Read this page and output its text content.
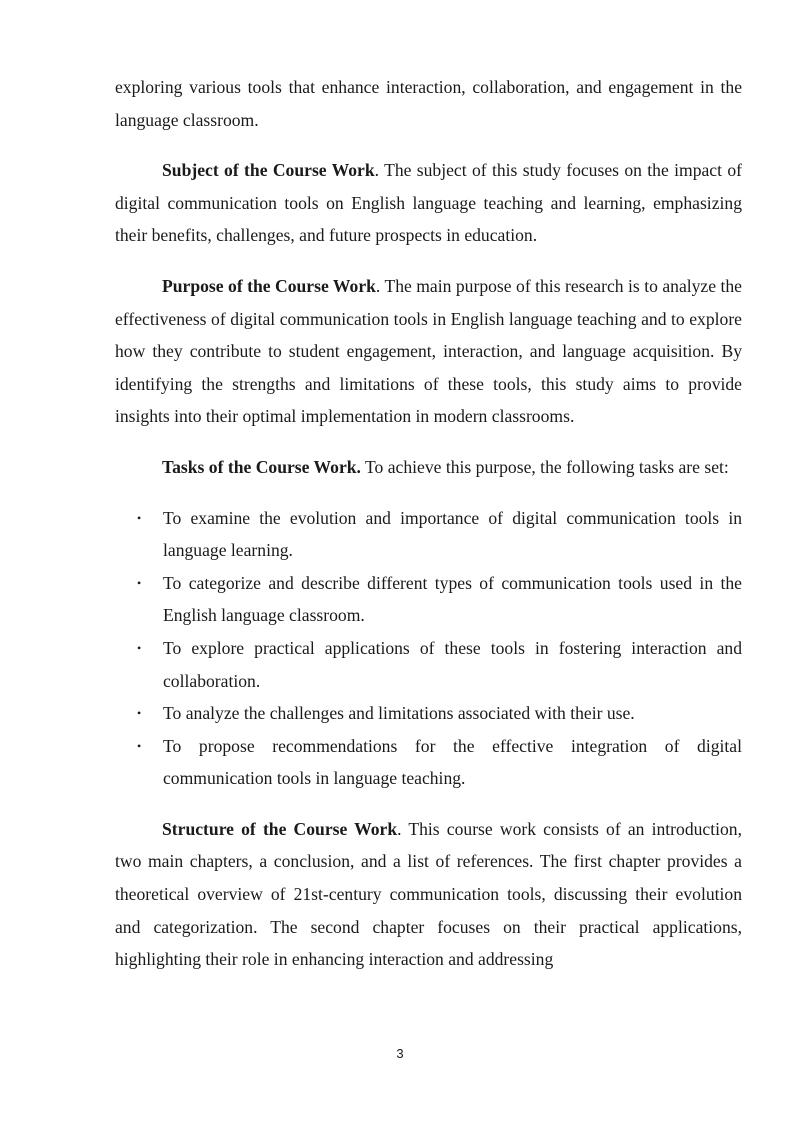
exploring various tools that enhance interaction, collaboration, and engagement in the language classroom.

Subject of the Course Work. The subject of this study focuses on the impact of digital communication tools on English language teaching and learning, emphasizing their benefits, challenges, and future prospects in education.

Purpose of the Course Work. The main purpose of this research is to analyze the effectiveness of digital communication tools in English language teaching and to explore how they contribute to student engagement, interaction, and language acquisition. By identifying the strengths and limitations of these tools, this study aims to provide insights into their optimal implementation in modern classrooms.

Tasks of the Course Work. To achieve this purpose, the following tasks are set:

• To examine the evolution and importance of digital communication tools in language learning.
• To categorize and describe different types of communication tools used in the English language classroom.
• To explore practical applications of these tools in fostering interaction and collaboration.
• To analyze the challenges and limitations associated with their use.
• To propose recommendations for the effective integration of digital communication tools in language teaching.

Structure of the Course Work. This course work consists of an introduction, two main chapters, a conclusion, and a list of references. The first chapter provides a theoretical overview of 21st-century communication tools, discussing their evolution and categorization. The second chapter focuses on their practical applications, highlighting their role in enhancing interaction and addressing

3
